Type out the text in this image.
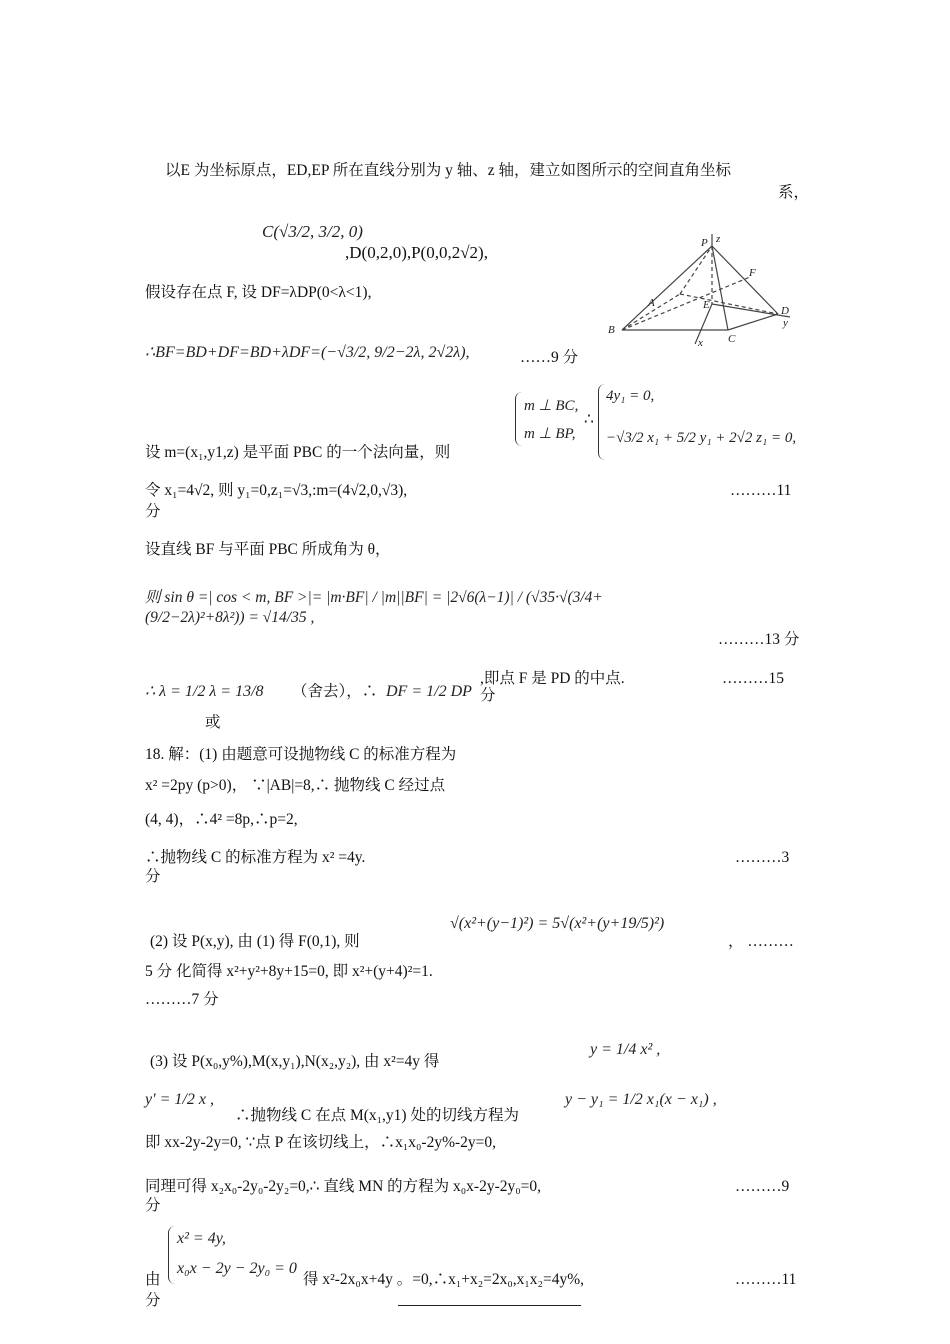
以E 为坐标原点，ED,EP 所在直线分别为 y 轴、z 轴，建立如图所示的空间直角坐标
系，
C(√3/2, 3/2, 0)
,D(0,2,0),P(0,0,2√2),	P z
F
A	E	D
y
B
C
x
假设存在点 F, 设 DF=λDP(0<λ<1),
∴BF=BD+DF=BD+λDF=(−√3/2, 9/2−2λ, 2√2λ),	……9 分
m ⊥ BC,
m ⊥ BP,
∴
4y₁ = 0,
−√3/2 x₁ + 5/2 y₁ + 2√2 z₁ = 0,
设 m=(x₁,y1,z) 是平面 PBC 的一个法向量，则
令 x₁=4√2, 则 y₁=0,z₁=√3,:m=(4√2,0,√3),	………11
分
设直线 BF 与平面 PBC 所成角为 θ，
则 sin θ =| cos < m, BF >|= |m·BF| / |m||BF| = |2√6(λ−1)| / (√35·√(3/4+(9/2−2λ)²+8λ²)) = √14/35 ,
………13 分
∴ λ = 1/2 λ = 13/8 （舍去），∴ DF = 1/2 DP
,即点 F 是 PD 的中点.
分
………15
或
18. 解：(1) 由题意可设抛物线 C 的标准方程为
x² =2py (p>0)， ∵|AB|=8,∴ 抛物线 C 经过点
(4, 4)，∴4² =8p,∴p=2,
∴抛物线 C 的标准方程为 x² =4y.	………3
分
(2) 设 P(x,y), 由 (1) 得 F(0,1), 则
√(x²+(y−1)²) = 5√(x²+(y+19/5)²)
， ………
5 分 化简得 x²+y²+8y+15=0, 即 x²+(y+4)²=1.
………7 分
(3) 设 P(x₀,y%),M(x,y₁),N(x₂,y₂), 由 x²=4y 得
y = 1/4 x² ,
y′ = 1/2 x ,	y − y₁ = 1/2 x₁(x − x₁) ,
∴抛物线 C 在点 M(x₁,y1) 处的切线方程为
即 xx-2y-2y=0, ∵点 P 在该切线上，∴x₁x₀-2y%-2y=0,
同理可得 x₂x₀-2y₀-2y₂=0,∴ 直线 MN 的方程为 x₀x-2y-2y₀=0,	………9
分
x² = 4y,
x₀x − 2y − 2y₀ = 0
由	得 x²-2x₀x+4y 。=0,∴x₁+x₂=2x₀,x₁x₂=4y%,	………11
分
